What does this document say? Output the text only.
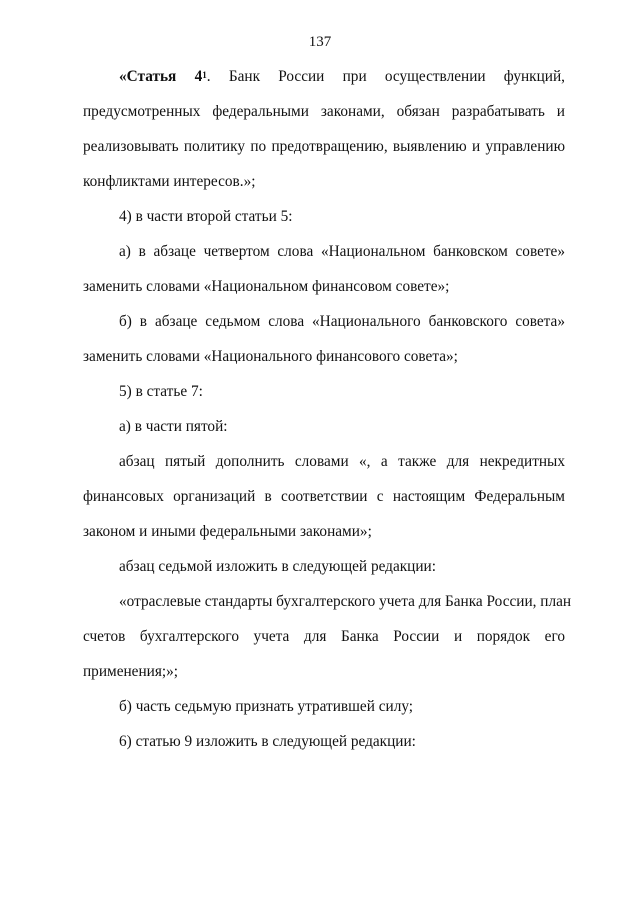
137
«Статья $4^1$. Банк России при осуществлении функций,
предусмотренных федеральными законами, обязан разрабатывать и
реализовывать политику по предотвращению, выявлению и управлению
конфликтами интересов.»;
4) в части второй статьи 5:
а) в абзаце четвертом слова «Национальном банковском совете»
заменить словами «Национальном финансовом совете»;
б) в абзаце седьмом слова «Национального банковского совета»
заменить словами «Национального финансового совета»;
5) в статье 7:
а) в части пятой:
абзац пятый дополнить словами «, а также для некредитных
финансовых организаций в соответствии с настоящим Федеральным
законом и иными федеральными законами»;
абзац седьмой изложить в следующей редакции:
«отраслевые стандарты бухгалтерского учета для Банка России, план
счетов бухгалтерского учета для Банка России и порядок его
применения;»;
б) часть седьмую признать утратившей силу;
6) статью 9 изложить в следующей редакции:
